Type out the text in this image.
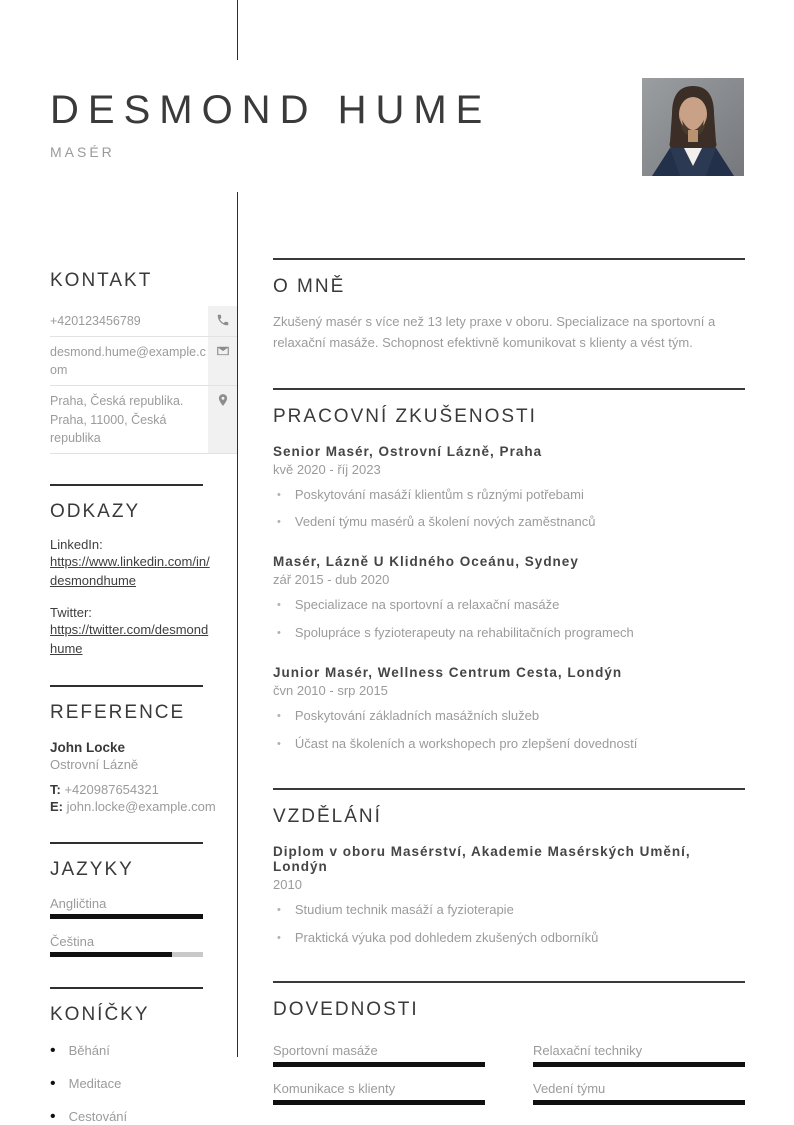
DESMOND HUME
MASÉR
KONTAKT
+420123456789
desmond.hume@example.com
Praha, Česká republika.
Praha, 11000, Česká republika
ODKAZY
LinkedIn:
https://www.linkedin.com/in/desmondhume
Twitter:
https://twitter.com/desmondhume
REFERENCE
John Locke
Ostrovní Lázně
T: +420987654321
E: john.locke@example.com
JAZYKY
Angličtina
Čeština
KONÍČKY
• Běhání
• Meditace
• Cestování
O MNĚ
Zkušený masér s více než 13 lety praxe v oboru. Specializace na sportovní a relaxační masáže. Schopnost efektivně komunikovat s klienty a vést tým.
PRACOVNÍ ZKUŠENOSTI
Senior Masér, Ostrovní Lázně, Praha
kvě 2020 - říj 2023
• Poskytování masáží klientům s různými potřebami
• Vedení týmu masérů a školení nových zaměstnanců
Masér, Lázně U Klidného Oceánu, Sydney
zář 2015 - dub 2020
• Specializace na sportovní a relaxační masáže
• Spolupráce s fyzioterapeuty na rehabilitačních programech
Junior Masér, Wellness Centrum Cesta, Londýn
čvn 2010 - srp 2015
• Poskytování základních masážních služeb
• Účast na školeních a workshopech pro zlepšení dovedností
VZDĚLÁNÍ
Diplom v oboru Masérství, Akademie Masérských Umění, Londýn
2010
• Studium technik masáží a fyzioterapie
• Praktická výuka pod dohledem zkušených odborníků
DOVEDNOSTI
Sportovní masáže	Relaxační techniky
Komunikace s klienty	Vedení týmu
